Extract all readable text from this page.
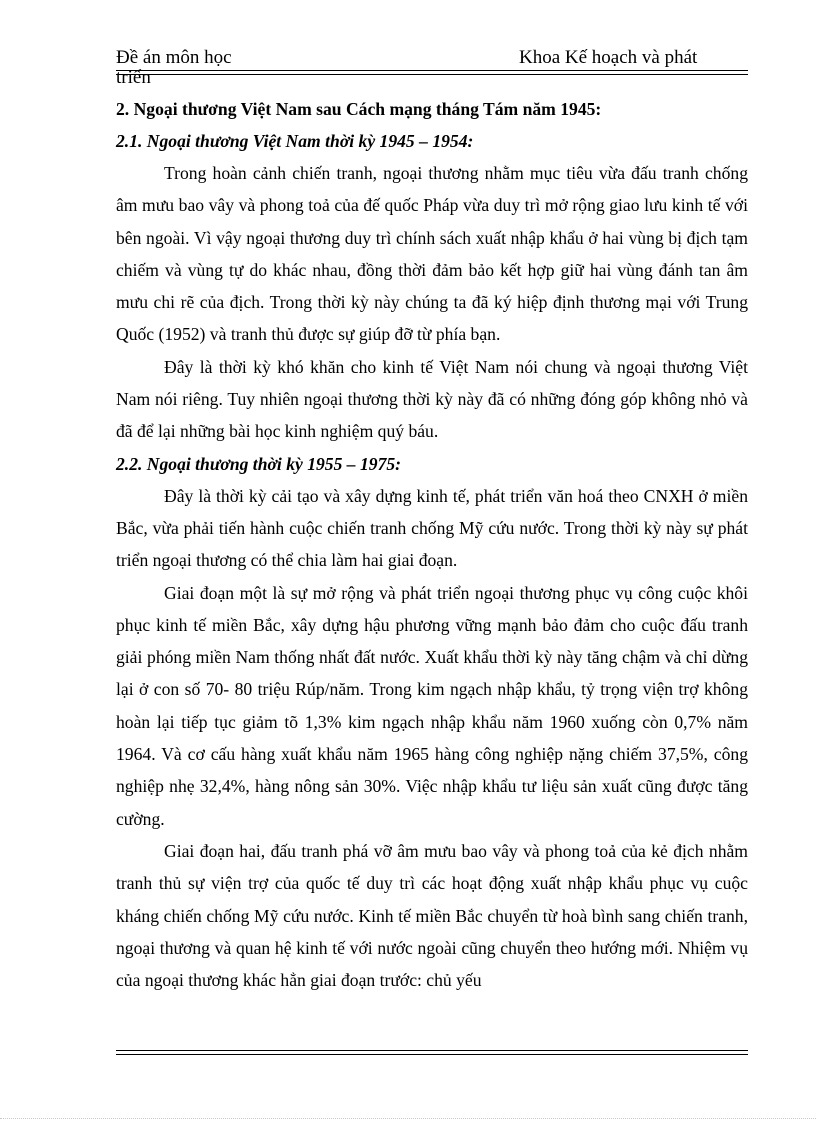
Đề án môn học	Khoa Kế hoạch và phát
triển

2. Ngoại thương Việt Nam sau Cách mạng tháng Tám năm 1945:

2.1. Ngoại thương Việt Nam thời kỳ 1945 – 1954:

Trong hoàn cảnh chiến tranh, ngoại thương nhằm mục tiêu vừa đấu tranh chống âm mưu bao vây và phong toả của đế quốc Pháp vừa duy trì mở rộng giao lưu kinh tế với bên ngoài. Vì vậy ngoại thương duy trì chính sách xuất nhập khẩu ở hai vùng bị địch tạm chiếm và vùng tự do khác nhau, đồng thời đảm bảo kết hợp giữ hai vùng đánh tan âm mưu chi rẽ của địch. Trong thời kỳ này chúng ta đã ký hiệp định thương mại với Trung Quốc (1952) và tranh thủ được sự giúp đỡ từ phía bạn.

Đây là thời kỳ khó khăn cho kinh tế Việt Nam nói chung và ngoại thương Việt Nam nói riêng. Tuy nhiên ngoại thương thời kỳ này đã có những đóng góp không nhỏ và đã để lại những bài học kinh nghiệm quý báu.

2.2. Ngoại thương thời kỳ 1955 – 1975:

Đây là thời kỳ cải tạo và xây dựng kinh tế, phát triển văn hoá theo CNXH ở miền Bắc, vừa phải tiến hành cuộc chiến tranh chống Mỹ cứu nước. Trong thời kỳ này sự phát triển ngoại thương có thể chia làm hai giai đoạn.

Giai đoạn một là sự mở rộng và phát triển ngoại thương phục vụ công cuộc khôi phục kinh tế miền Bắc, xây dựng hậu phương vững mạnh bảo đảm cho cuộc đấu tranh giải phóng miền Nam thống nhất đất nước. Xuất khẩu thời kỳ này tăng chậm và chỉ dừng lại ở con số 70- 80 triệu Rúp/năm. Trong kim ngạch nhập khẩu, tỷ trọng viện trợ không hoàn lại tiếp tục giảm tõ 1,3% kim ngạch nhập khẩu năm 1960 xuống còn 0,7% năm 1964. Và cơ cấu hàng xuất khẩu năm 1965 hàng công nghiệp nặng chiếm 37,5%, công nghiệp nhẹ 32,4%, hàng nông sản 30%. Việc nhập khẩu tư liệu sản xuất cũng được tăng cường.

Giai đoạn hai, đấu tranh phá vỡ âm mưu bao vây và phong toả của kẻ địch nhằm tranh thủ sự viện trợ của quốc tế duy trì các hoạt động xuất nhập khẩu phục vụ cuộc kháng chiến chống Mỹ cứu nước. Kinh tế miền Bắc chuyển từ hoà bình sang chiến tranh, ngoại thương và quan hệ kinh tế với nước ngoài cũng chuyển theo hướng mới. Nhiệm vụ của ngoại thương khác hẳn giai đoạn trước: chủ yếu
